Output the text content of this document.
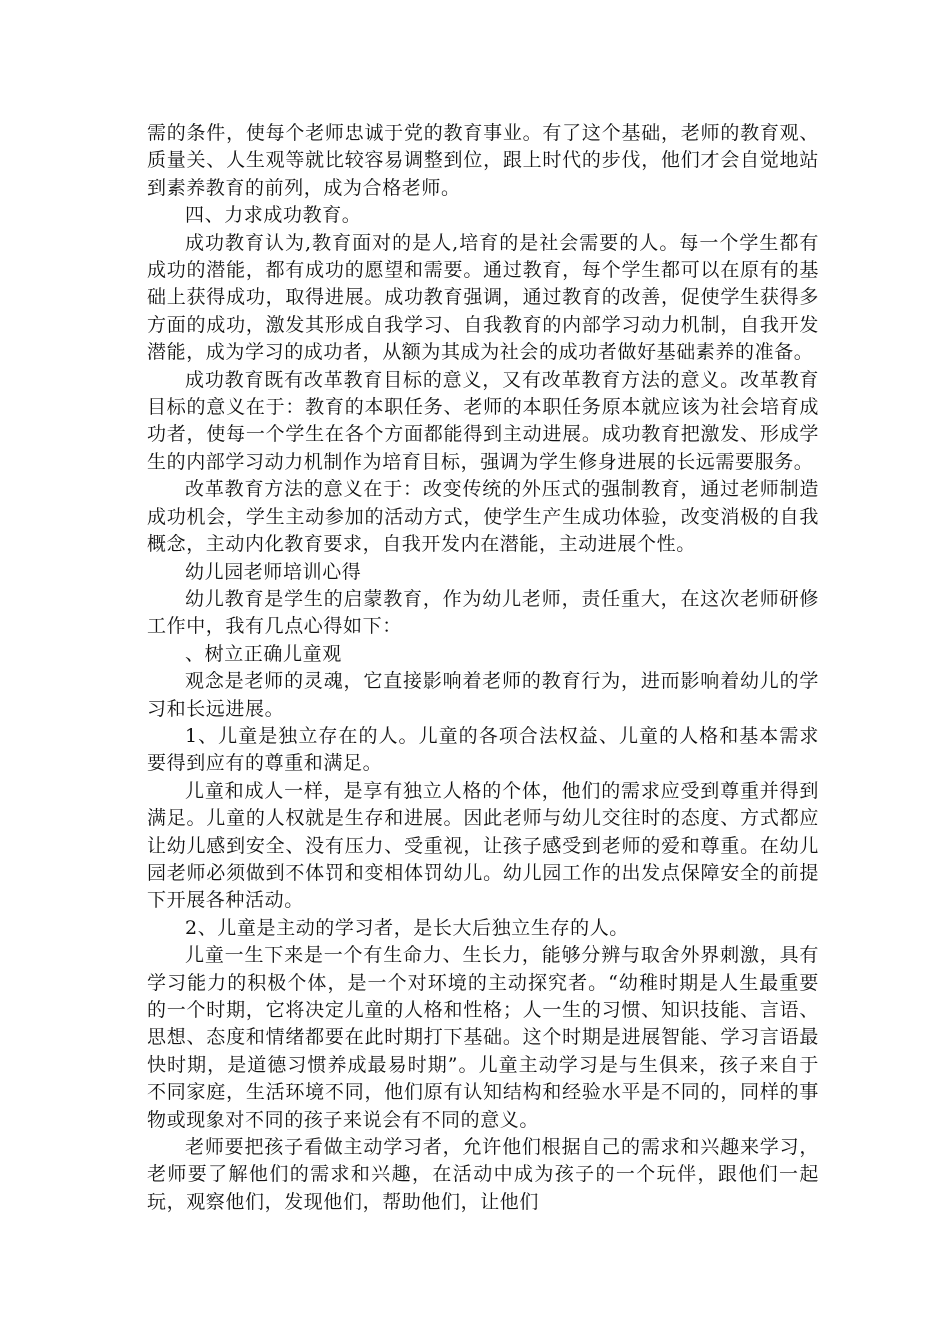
需的条件，使每个老师忠诚于党的教育事业。有了这个基础，老师的教育观、质量关、人生观等就比较容易调整到位，跟上时代的步伐，他们才会自觉地站到素养教育的前列，成为合格老师。

四、力求成功教育。

成功教育认为,教育面对的是人,培育的是社会需要的人。每一个学生都有成功的潜能，都有成功的愿望和需要。通过教育，每个学生都可以在原有的基础上获得成功，取得进展。成功教育强调，通过教育的改善，促使学生获得多方面的成功，激发其形成自我学习、自我教育的内部学习动力机制，自我开发潜能，成为学习的成功者，从额为其成为社会的成功者做好基础素养的准备。

成功教育既有改革教育目标的意义，又有改革教育方法的意义。改革教育目标的意义在于：教育的本职任务、老师的本职任务原本就应该为社会培育成功者，使每一个学生在各个方面都能得到主动进展。成功教育把激发、形成学生的内部学习动力机制作为培育目标，强调为学生修身进展的长远需要服务。

改革教育方法的意义在于：改变传统的外压式的强制教育，通过老师制造成功机会，学生主动参加的活动方式，使学生产生成功体验，改变消极的自我概念，主动内化教育要求，自我开发内在潜能，主动进展个性。

幼儿园老师培训心得

幼儿教育是学生的启蒙教育，作为幼儿老师，责任重大，在这次老师研修工作中，我有几点心得如下：

、树立正确儿童观

观念是老师的灵魂，它直接影响着老师的教育行为，进而影响着幼儿的学习和长远进展。

1、儿童是独立存在的人。儿童的各项合法权益、儿童的人格和基本需求要得到应有的尊重和满足。

儿童和成人一样，是享有独立人格的个体，他们的需求应受到尊重并得到满足。儿童的人权就是生存和进展。因此老师与幼儿交往时的态度、方式都应让幼儿感到安全、没有压力、受重视，让孩子感受到老师的爱和尊重。在幼儿园老师必须做到不体罚和变相体罚幼儿。幼儿园工作的出发点保障安全的前提下开展各种活动。

2、儿童是主动的学习者，是长大后独立生存的人。

儿童一生下来是一个有生命力、生长力，能够分辨与取舍外界刺激，具有学习能力的积极个体，是一个对环境的主动探究者。“幼稚时期是人生最重要的一个时期，它将决定儿童的人格和性格；人一生的习惯、知识技能、言语、思想、态度和情绪都要在此时期打下基础。这个时期是进展智能、学习言语最快时期，是道德习惯养成最易时期”。儿童主动学习是与生俱来，孩子来自于不同家庭，生活环境不同，他们原有认知结构和经验水平是不同的，同样的事物或现象对不同的孩子来说会有不同的意义。

老师要把孩子看做主动学习者，允许他们根据自己的需求和兴趣来学习，老师要了解他们的需求和兴趣，在活动中成为孩子的一个玩伴，跟他们一起玩，观察他们，发现他们，帮助他们，让他们
